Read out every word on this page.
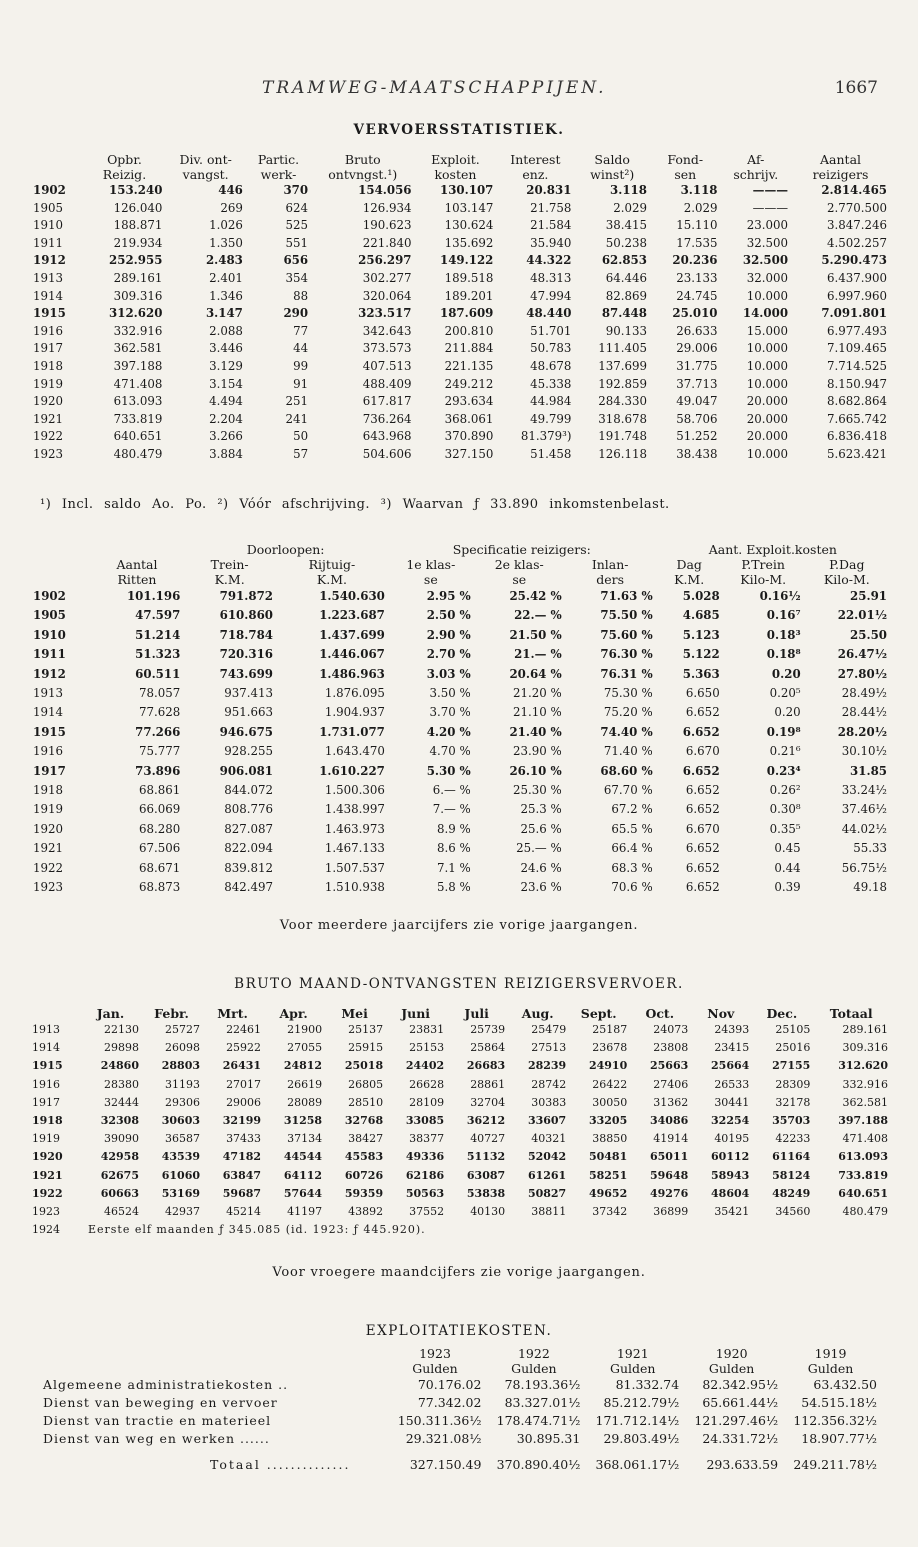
TRAMWEG-MAATSCHAPPIJEN.	1667
VERVOERSSTATISTIEK.
	Opbr.	Div. ont-	Partic.	Bruto	Exploit.	Interest	Saldo	Fond-	Af-	Aantal
	Reizig.	vangst.	werk-	ontvngst.¹)	kosten	enz.	winst²)	sen	schrijv.	reizigers
1902	153.240	446	370	154.056	130.107	20.831	3.118	3.118	———	2.814.465
1905	126.040	269	624	126.934	103.147	21.758	2.029	2.029	———	2.770.500
1910	188.871	1.026	525	190.623	130.624	21.584	38.415	15.110	23.000	3.847.246
1911	219.934	1.350	551	221.840	135.692	35.940	50.238	17.535	32.500	4.502.257
1912	252.955	2.483	656	256.297	149.122	44.322	62.853	20.236	32.500	5.290.473
1913	289.161	2.401	354	302.277	189.518	48.313	64.446	23.133	32.000	6.437.900
1914	309.316	1.346	88	320.064	189.201	47.994	82.869	24.745	10.000	6.997.960
1915	312.620	3.147	290	323.517	187.609	48.440	87.448	25.010	14.000	7.091.801
1916	332.916	2.088	77	342.643	200.810	51.701	90.133	26.633	15.000	6.977.493
1917	362.581	3.446	44	373.573	211.884	50.783	111.405	29.006	10.000	7.109.465
1918	397.188	3.129	99	407.513	221.135	48.678	137.699	31.775	10.000	7.714.525
1919	471.408	3.154	91	488.409	249.212	45.338	192.859	37.713	10.000	8.150.947
1920	613.093	4.494	251	617.817	293.634	44.984	284.330	49.047	20.000	8.682.864
1921	733.819	2.204	241	736.264	368.061	49.799	318.678	58.706	20.000	7.665.742
1922	640.651	3.266	50	643.968	370.890	81.379³)	191.748	51.252	20.000	6.836.418
1923	480.479	3.884	57	504.606	327.150	51.458	126.118	38.438	10.000	5.623.421
¹) Incl. saldo Ao. Po. ²) Vóór afschrijving. ³) Waarvan ƒ 33.890 inkomstenbelast.
		Doorloopen:		Specificatie reizigers:			Aant. Exploit.kosten		
	Aantal	Trein-	Rijtuig-	1e klas-	2e klas-	Inlan-	Dag	P.Trein	P.Dag
	Ritten	K.M.	K.M.	se	se	ders	K.M.	Kilo-M.	Kilo-M.
1902	101.196	791.872	1.540.630	2.95 %	25.42 %	71.63 %	5.028	0.16½	25.91
1905	47.597	610.860	1.223.687	2.50 %	22.— %	75.50 %	4.685	0.16⁷	22.01½
1910	51.214	718.784	1.437.699	2.90 %	21.50 %	75.60 %	5.123	0.18³	25.50
1911	51.323	720.316	1.446.067	2.70 %	21.— %	76.30 %	5.122	0.18⁸	26.47½
1912	60.511	743.699	1.486.963	3.03 %	20.64 %	76.31 %	5.363	0.20	27.80½
1913	78.057	937.413	1.876.095	3.50 %	21.20 %	75.30 %	6.650	0.20⁵	28.49½
1914	77.628	951.663	1.904.937	3.70 %	21.10 %	75.20 %	6.652	0.20	28.44½
1915	77.266	946.675	1.731.077	4.20 %	21.40 %	74.40 %	6.652	0.19⁸	28.20½
1916	75.777	928.255	1.643.470	4.70 %	23.90 %	71.40 %	6.670	0.21⁶	30.10½
1917	73.896	906.081	1.610.227	5.30 %	26.10 %	68.60 %	6.652	0.23⁴	31.85
1918	68.861	844.072	1.500.306	6.— %	25.30 %	67.70 %	6.652	0.26²	33.24½
1919	66.069	808.776	1.438.997	7.— %	25.3 %	67.2 %	6.652	0.30⁸	37.46½
1920	68.280	827.087	1.463.973	8.9 %	25.6 %	65.5 %	6.670	0.35⁵	44.02½
1921	67.506	822.094	1.467.133	8.6 %	25.— %	66.4 %	6.652	0.45	55.33
1922	68.671	839.812	1.507.537	7.1 %	24.6 %	68.3 %	6.652	0.44	56.75½
1923	68.873	842.497	1.510.938	5.8 %	23.6 %	70.6 %	6.652	0.39	49.18
Voor meerdere jaarcijfers zie vorige jaargangen.
BRUTO MAAND-ONTVANGSTEN REIZIGERSVERVOER.
	Jan.	Febr.	Mrt.	Apr.	Mei	Juni	Juli	Aug.	Sept.	Oct.	Nov	Dec.	Totaal
1913	22130	25727	22461	21900	25137	23831	25739	25479	25187	24073	24393	25105	289.161
1914	29898	26098	25922	27055	25915	25153	25864	27513	23678	23808	23415	25016	309.316
1915	24860	28803	26431	24812	25018	24402	26683	28239	24910	25663	25664	27155	312.620
1916	28380	31193	27017	26619	26805	26628	28861	28742	26422	27406	26533	28309	332.916
1917	32444	29306	29006	28089	28510	28109	32704	30383	30050	31362	30441	32178	362.581
1918	32308	30603	32199	31258	32768	33085	36212	33607	33205	34086	32254	35703	397.188
1919	39090	36587	37433	37134	38427	38377	40727	40321	38850	41914	40195	42233	471.408
1920	42958	43539	47182	44544	45583	49336	51132	52042	50481	65011	60112	61164	613.093
1921	62675	61060	63847	64112	60726	62186	63087	61261	58251	59648	58943	58124	733.819
1922	60663	53169	59687	57644	59359	50563	53838	50827	49652	49276	48604	48249	640.651
1923	46524	42937	45214	41197	43892	37552	40130	38811	37342	36899	35421	34560	480.479
1924	Eerste elf maanden ƒ 345.085 (id. 1923: ƒ 445.920).												
Voor vroegere maandcijfers zie vorige jaargangen.
EXPLOITATIEKOSTEN.
	1923	1922	1921	1920	1919
	Gulden	Gulden	Gulden	Gulden	Gulden
Algemeene administratiekosten ..	70.176.02	78.193.36½	81.332.74	82.342.95½	63.432.50
Dienst van beweging en vervoer	77.342.02	83.327.01½	85.212.79½	65.661.44½	54.515.18½
Dienst van tractie en materieel	150.311.36½	178.474.71½	171.712.14½	121.297.46½	112.356.32½
Dienst van weg en werken ......	29.321.08½	30.895.31	29.803.49½	24.331.72½	18.907.77½

Totaal ..............	327.150.49	370.890.40½	368.061.17½	293.633.59	249.211.78½
